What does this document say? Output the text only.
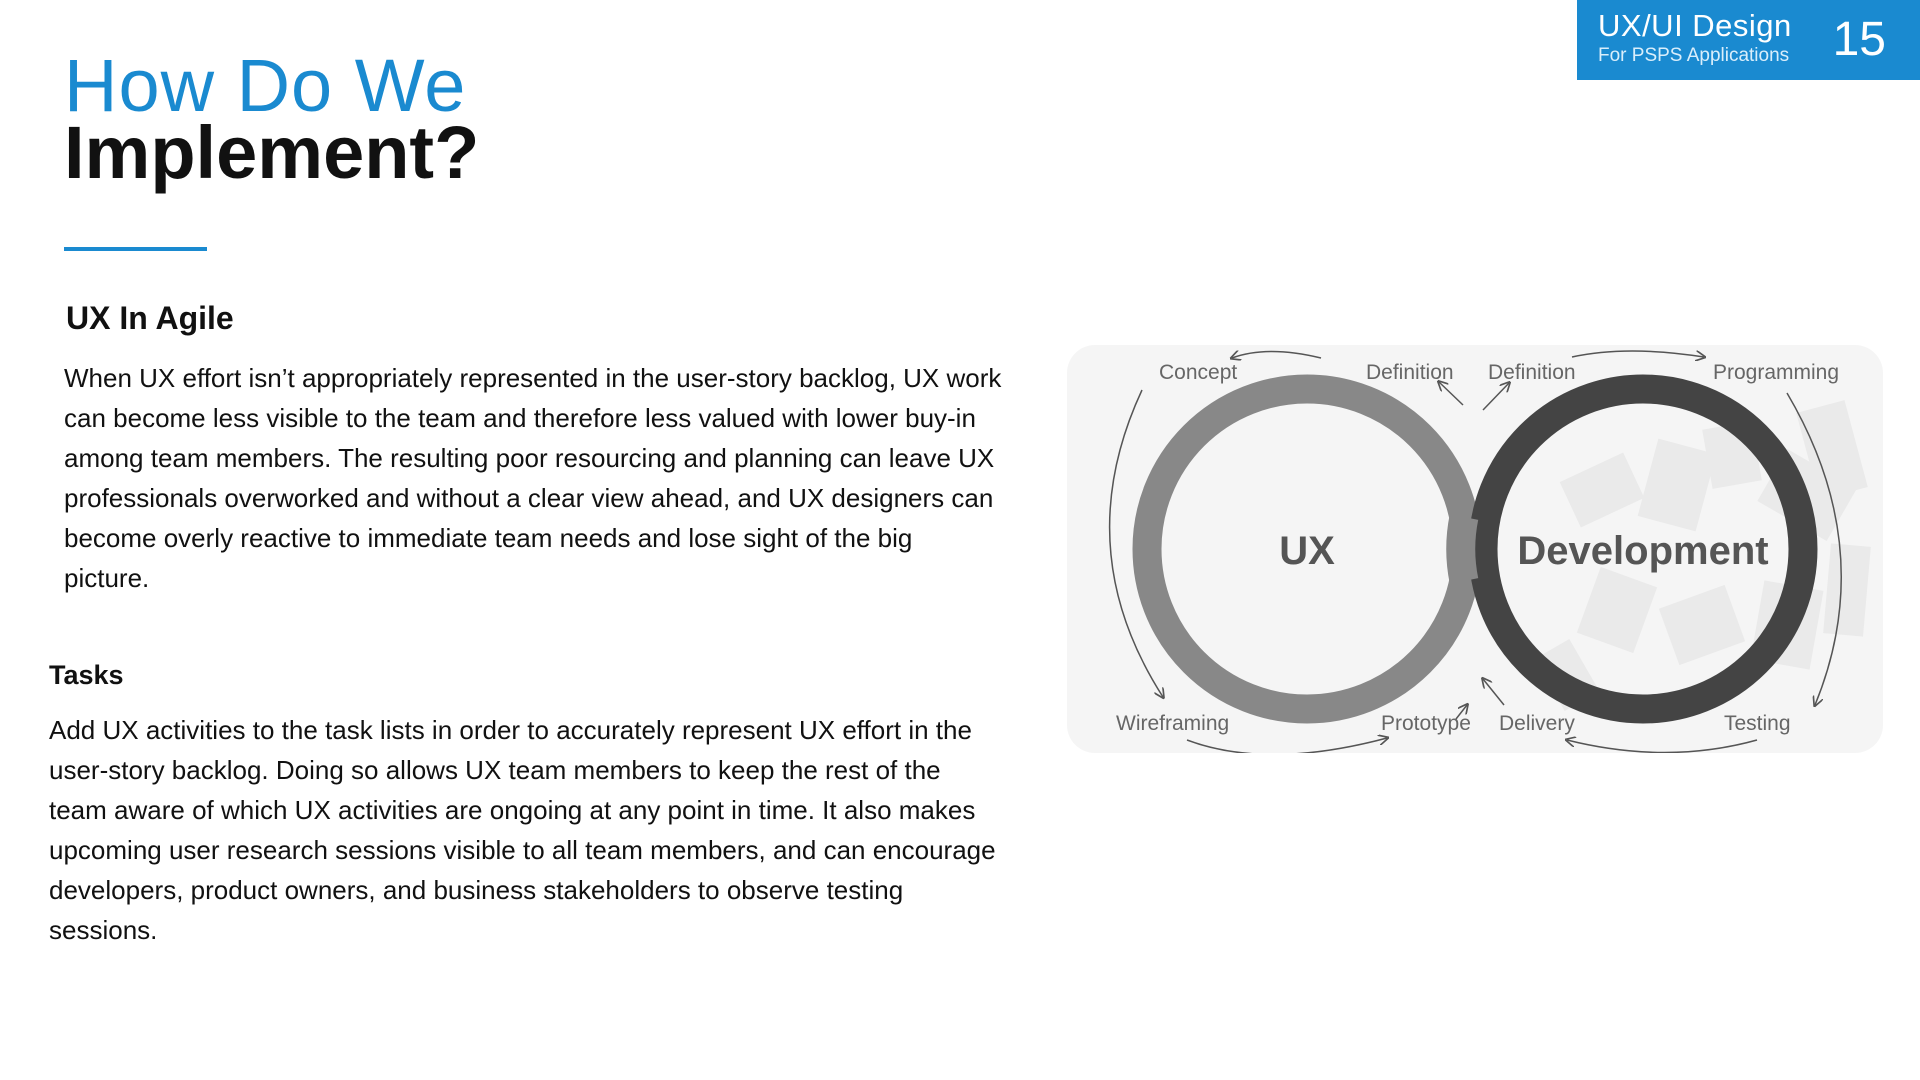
UX/UI Design
For PSPS Applications 15
How Do We
Implement?
UX In Agile
When UX effort isn’t appropriately represented in the user-story backlog, UX work can become less visible to the team and therefore less valued with lower buy-in among team members. The resulting poor resourcing and planning can leave UX professionals overworked and without a clear view ahead, and UX designers can become overly reactive to immediate team needs and lose sight of the big picture.
Tasks
Add UX activities to the task lists in order to accurately represent UX effort in the user-story backlog. Doing so allows UX team members to keep the rest of the team aware of which UX activities are ongoing at any point in time. It also makes upcoming user research sessions visible to all team members, and can encourage developers, product owners, and business stakeholders to observe testing sessions.
UX	Development
Concept	Definition Definition	Programming
Wireframing	Prototype Delivery	Testing
